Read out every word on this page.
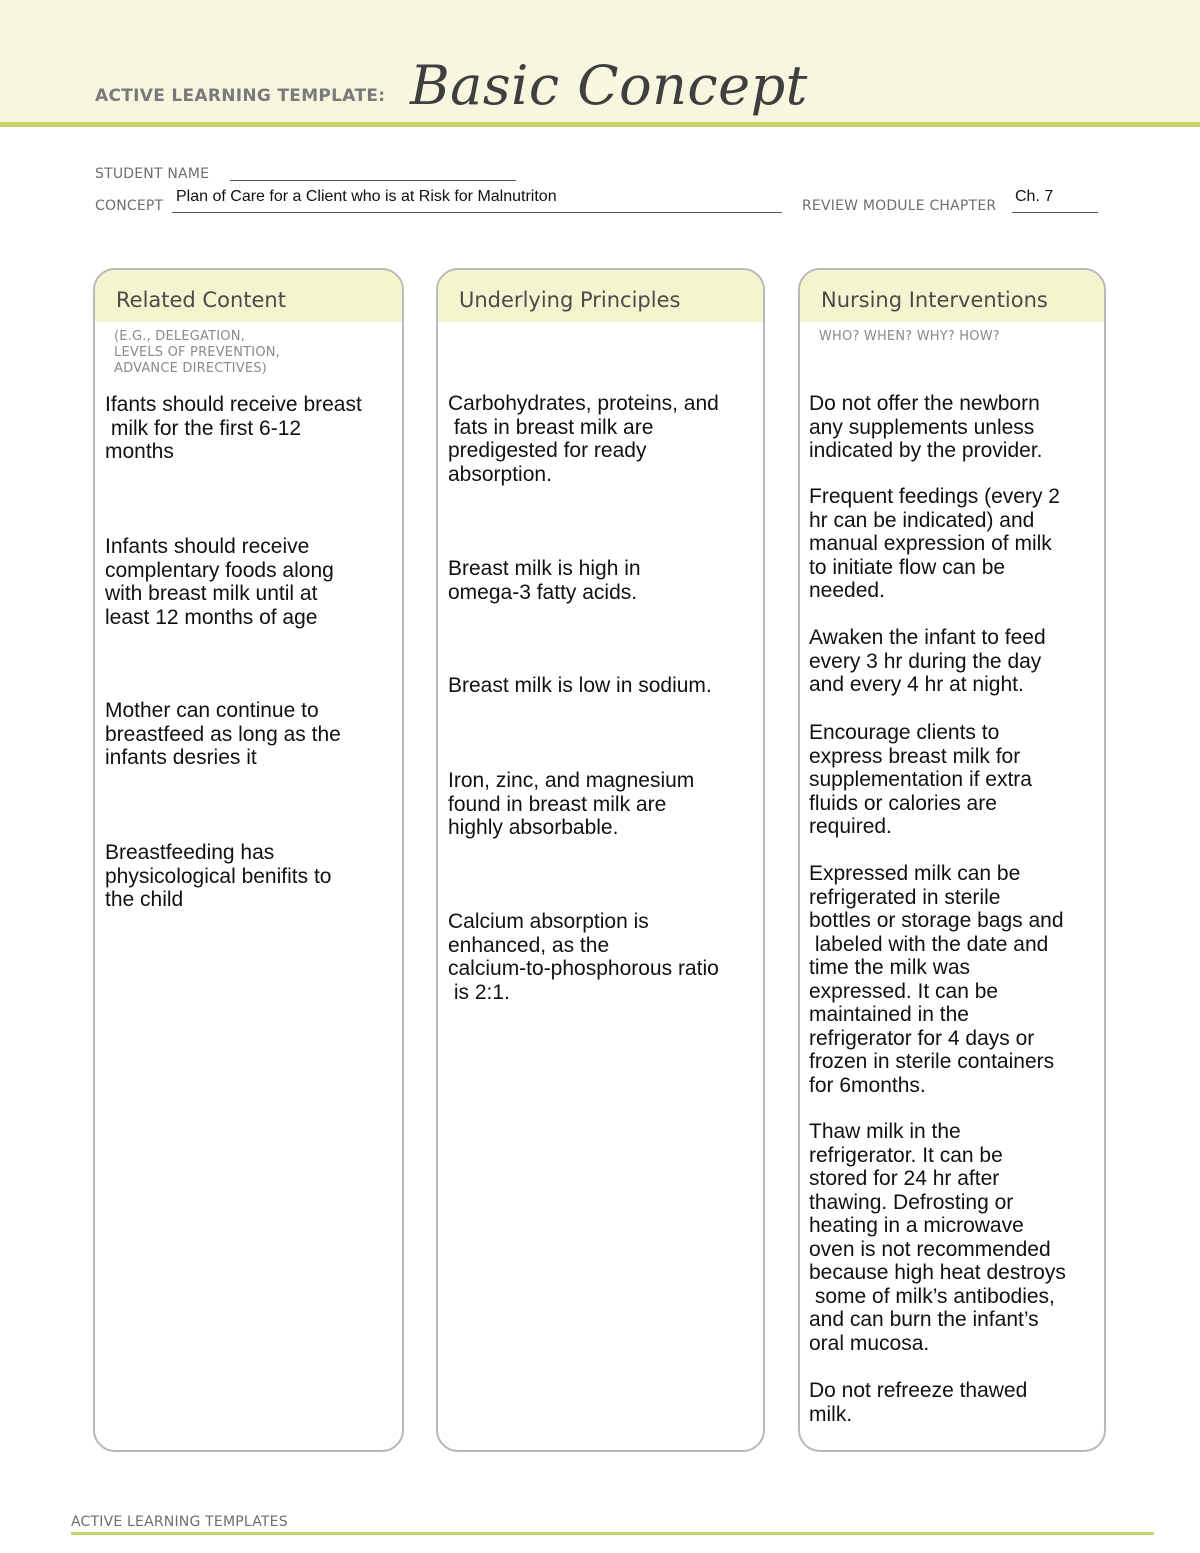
ACTIVE LEARNING TEMPLATE: Basic Concept
STUDENT NAME
CONCEPT
Plan of Care for a Client who is at Risk for Malnutriton
REVIEW MODULE CHAPTER
Ch. 7
Related Content
(E.G., DELEGATION,
LEVELS OF PREVENTION,
ADVANCE DIRECTIVES)
Ifants should receive breast
milk for the first 6-12
months
Infants should receive
complentary foods along
with breast milk until at
least 12 months of age
Mother can continue to
breastfeed as long as the
infants desries it
Breastfeeding has
physicological benifits to
the child
Underlying Principles
Carbohydrates, proteins, and
fats in breast milk are
predigested for ready
absorption.
Breast milk is high in
omega-3 fatty acids.
Breast milk is low in sodium.
Iron, zinc, and magnesium
found in breast milk are
highly absorbable.
Calcium absorption is
enhanced, as the
calcium-to-phosphorous ratio
is 2:1.
Nursing Interventions
WHO? WHEN? WHY? HOW?
Do not offer the newborn
any supplements unless
indicated by the provider.
Frequent feedings (every 2
hr can be indicated) and
manual expression of milk
to initiate flow can be
needed.
Awaken the infant to feed
every 3 hr during the day
and every 4 hr at night.
Encourage clients to
express breast milk for
supplementation if extra
fluids or calories are
required.
Expressed milk can be
refrigerated in sterile
bottles or storage bags and
labeled with the date and
time the milk was
expressed. It can be
maintained in the
refrigerator for 4 days or
frozen in sterile containers
for 6months.
Thaw milk in the
refrigerator. It can be
stored for 24 hr after
thawing. Defrosting or
heating in a microwave
oven is not recommended
because high heat destroys
some of milk’s antibodies,
and can burn the infant’s
oral mucosa.
Do not refreeze thawed
milk.
ACTIVE LEARNING TEMPLATES
